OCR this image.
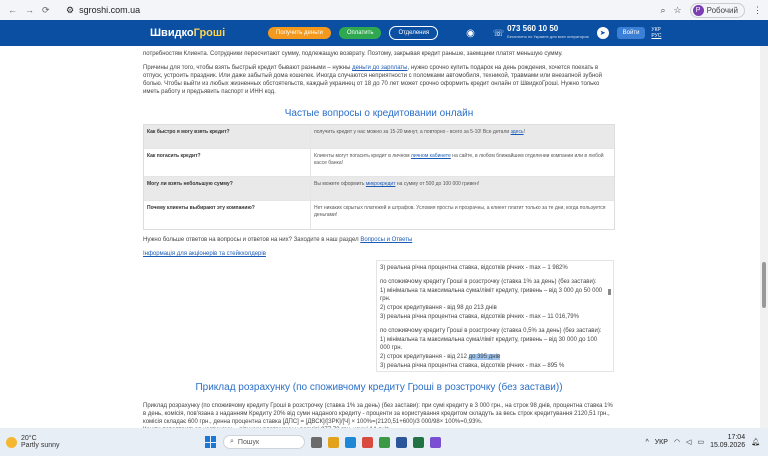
← → ⟳ ⚙ sgroshi.com.ua	⌕ ☆	Р Робочий ⋮
ШвидкоГроші	Получить деньги	Оплатить	Отделения	◉ ☏ 073 560 10 50
Бесплатно по Украине для всех операторов	➤	Войти	УКР
РУС
потребностям Клиента. Сотрудники пересчитают сумму, подлежащую возврату. Поэтому, закрывая кредит раньше, заемщики платят меньшую сумму.
Причины для того, чтобы взять быстрый кредит бывают разными – нужны деньги до зарплаты, нужно срочно купить подарок на день рождения, хочется поехать в отпуск, устроить праздник. Или даже забытый дома кошелек. Иногда случаются неприятности с поломками автомобиля, техникой, травмами или внезапной зубной болью. Чтобы выйти из любых жизненных обстоятельств, каждый украинец от 18 до 70 лет может срочно оформить кредит онлайн от ШвидкоГроші. Нужно только иметь работу и предъявить паспорт и ИНН код.
Частые вопросы о кредитовании онлайн
Как быстро я могу взять кредит?	получить кредит у нас можно за 15-20 минут, а повторно - всего за 5-10! Все детали здесь!
Как погасить кредит?	Клиенты могут погасить кредит в личном личном кабинете на сайте, в любом ближайшем отделении компании или в любой кассе банка!
Могу ли взять небольшую сумму?	Вы можете оформить микрокредит на сумму от 500 до 100 000 гривен!
Почему клиенты выбирают эту компанию?	Нет никаких скрытых платежей и штрафов. Условия просты и прозрачны, а клиент платит только за те дни, когда пользуется деньгами!
Нужно больше ответов на вопросы и ответов на них? Заходите в наш раздел Вопросы и Ответы
Інформація для акціонерів та стейкхолдерів

3) реальна річна процентна ставка, відсотків річних - max – 1 982%

по споживчому кредиту Гроші в розстрочку (ставка 1% за день) (без застави):

1) мінімальна та максимальна сума/ліміт кредиту, гривень – від 3 000 до 50 000 грн.

2) строк кредитування - від 98 до 213 днів

3) реальна річна процентна ставка, відсотків річних - max – 11 016,79%

по споживчому кредиту Гроші в розстрочку (ставка 0,5% за день) (без застави):

1) мінімальна та максимальна сума/ліміт кредиту, гривень – від 30 000 до 100 000 грн.

2) строк кредитування - від 212 до 395 днів

3) реальна річна процентна ставка, відсотків річних - max – 895 %

Приклад розрахунку (по споживчому кредиту Гроші в розстрочку (без застави))
Приклад розрахунку (по споживчому кредиту Гроші в розстрочку (ставка 1% за день) (без застави): при сумі кредиту в 3 000 грн., на строк 98 днів, процентна ставка 1% в день, комісія, пов'язана з наданням Кредиту 20% від суми наданого кредиту - проценти за користування кредитом складуть за весь строк кредитування 2120,51 грн., комісія складає 600 грн., денна процентна ставка [ДПС] = [ДВСК]/[ЗРК]/[Ч] × 100%=(2120,51+600)/3 000/98× 100%=0,93%.
20°C
Partly sunny
⌕ Пошук	^ УКР ◠ ◁ ▭
17:04
15.09.2026 🔔︎
